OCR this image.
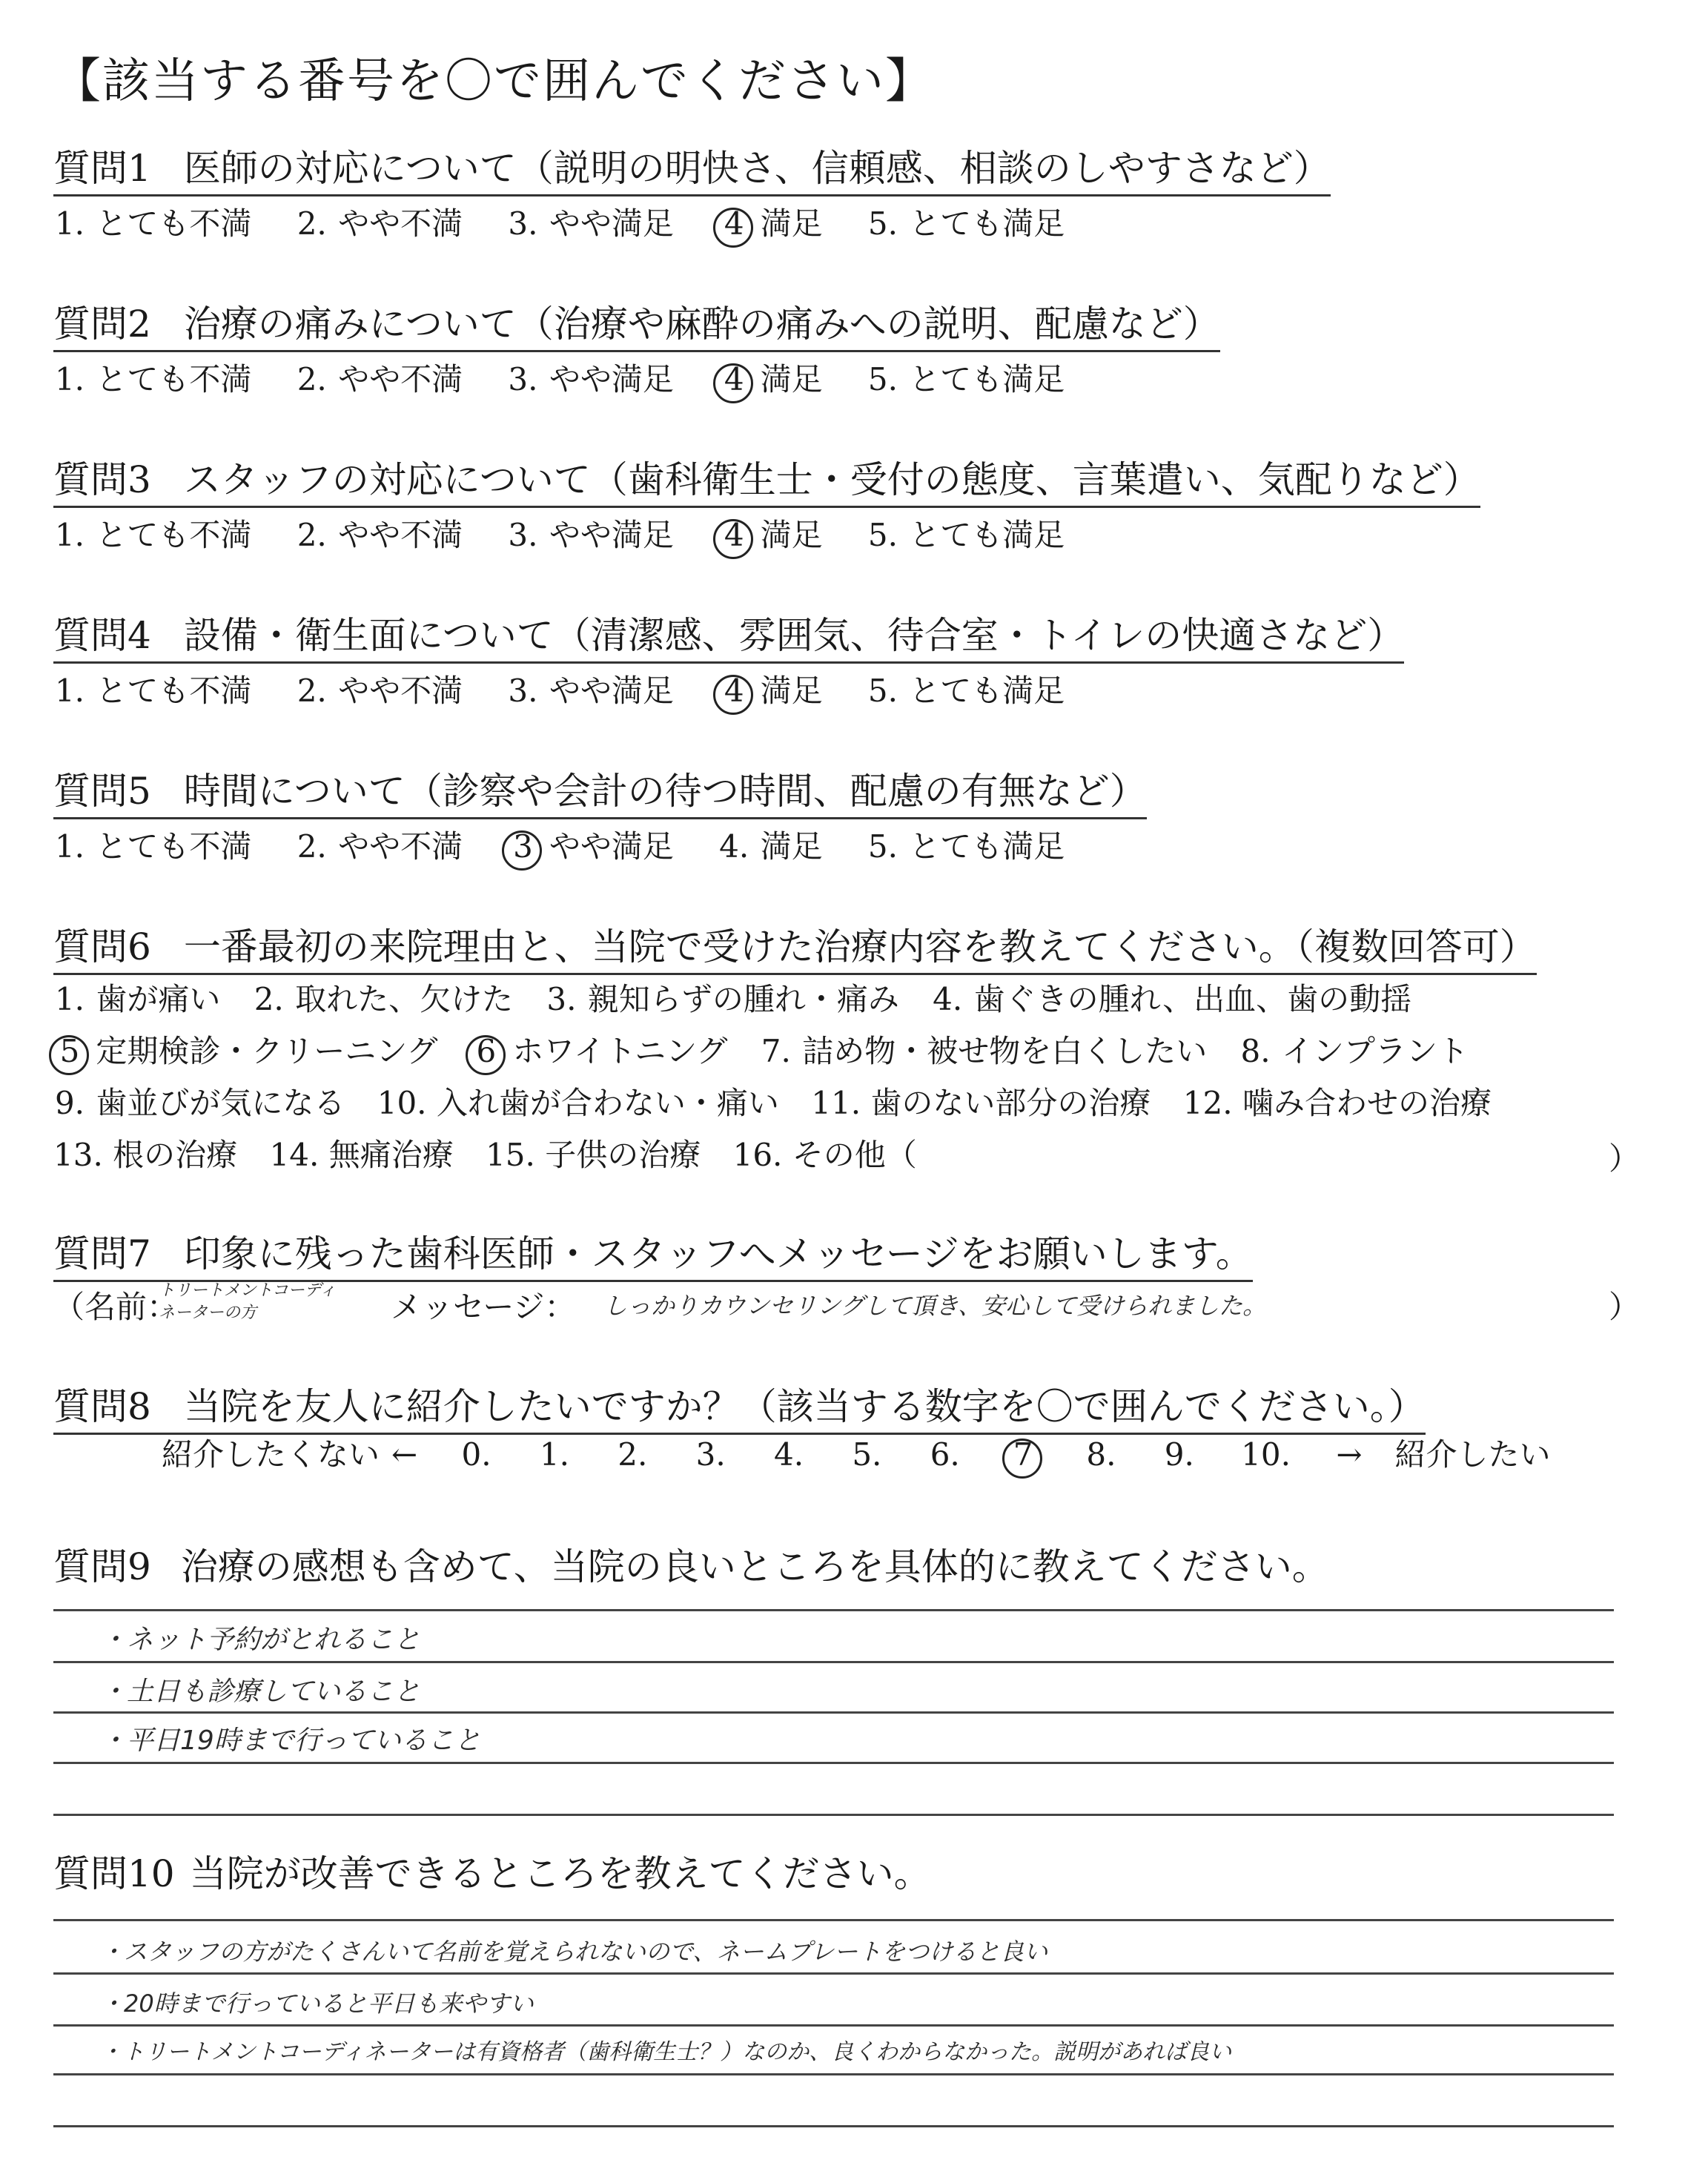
【該当する番号を〇で囲んでください】
質問1 医師の対応について（説明の明快さ、信頼感、相談のしやすさなど）
1. とても不満 2. やや不満 3. やや満足 4 満足 5. とても満足
質問2 治療の痛みについて（治療や麻酔の痛みへの説明、配慮など）
1. とても不満 2. やや不満 3. やや満足 4 満足 5. とても満足
質問3 スタッフの対応について（歯科衛生士・受付の態度、言葉遣い、気配りなど）
1. とても不満 2. やや不満 3. やや満足 4 満足 5. とても満足
質問4 設備・衛生面について（清潔感、雰囲気、待合室・トイレの快適さなど）
1. とても不満 2. やや不満 3. やや満足 4 満足 5. とても満足
質問5 時間について（診察や会計の待つ時間、配慮の有無など）
1. とても不満 2. やや不満 3 やや満足 4. 満足 5. とても満足
質問6 一番最初の来院理由と、当院で受けた治療内容を教えてください。（複数回答可）
1. 歯が痛い 2. 取れた、欠けた 3. 親知らずの腫れ・痛み 4. 歯ぐきの腫れ、出血、歯の動揺
5 定期検診・クリーニング 6 ホワイトニング 7. 詰め物・被せ物を白くしたい 8. インプラント
9. 歯並びが気になる 10. 入れ歯が合わない・痛い 11. 歯のない部分の治療 12. 噛み合わせの治療
13. 根の治療 14. 無痛治療 15. 子供の治療 16. その他（	）
質問7 印象に残った歯科医師・スタッフへメッセージをお願いします。
（名前：
トリートメントコーディネーターの方	メッセージ： しっかりカウンセリングして頂き、安心して受けられました。	）
質問8 当院を友人に紹介したいですか？（該当する数字を〇で囲んでください。）
紹介したくない ← 0. 1. 2. 3. 4. 5. 6. 7 8. 9. 10. → 紹介したい
質問9 治療の感想も含めて、当院の良いところを具体的に教えてください。
・ネット予約がとれること
・土日も診療していること
・平日19時まで行っていること
質問10 当院が改善できるところを教えてください。
・スタッフの方がたくさんいて名前を覚えられないので、ネームプレートをつけると良い
・20時まで行っていると平日も来やすい
・トリートメントコーディネーターは有資格者（歯科衛生士？）なのか、良くわからなかった。説明があれば良い
